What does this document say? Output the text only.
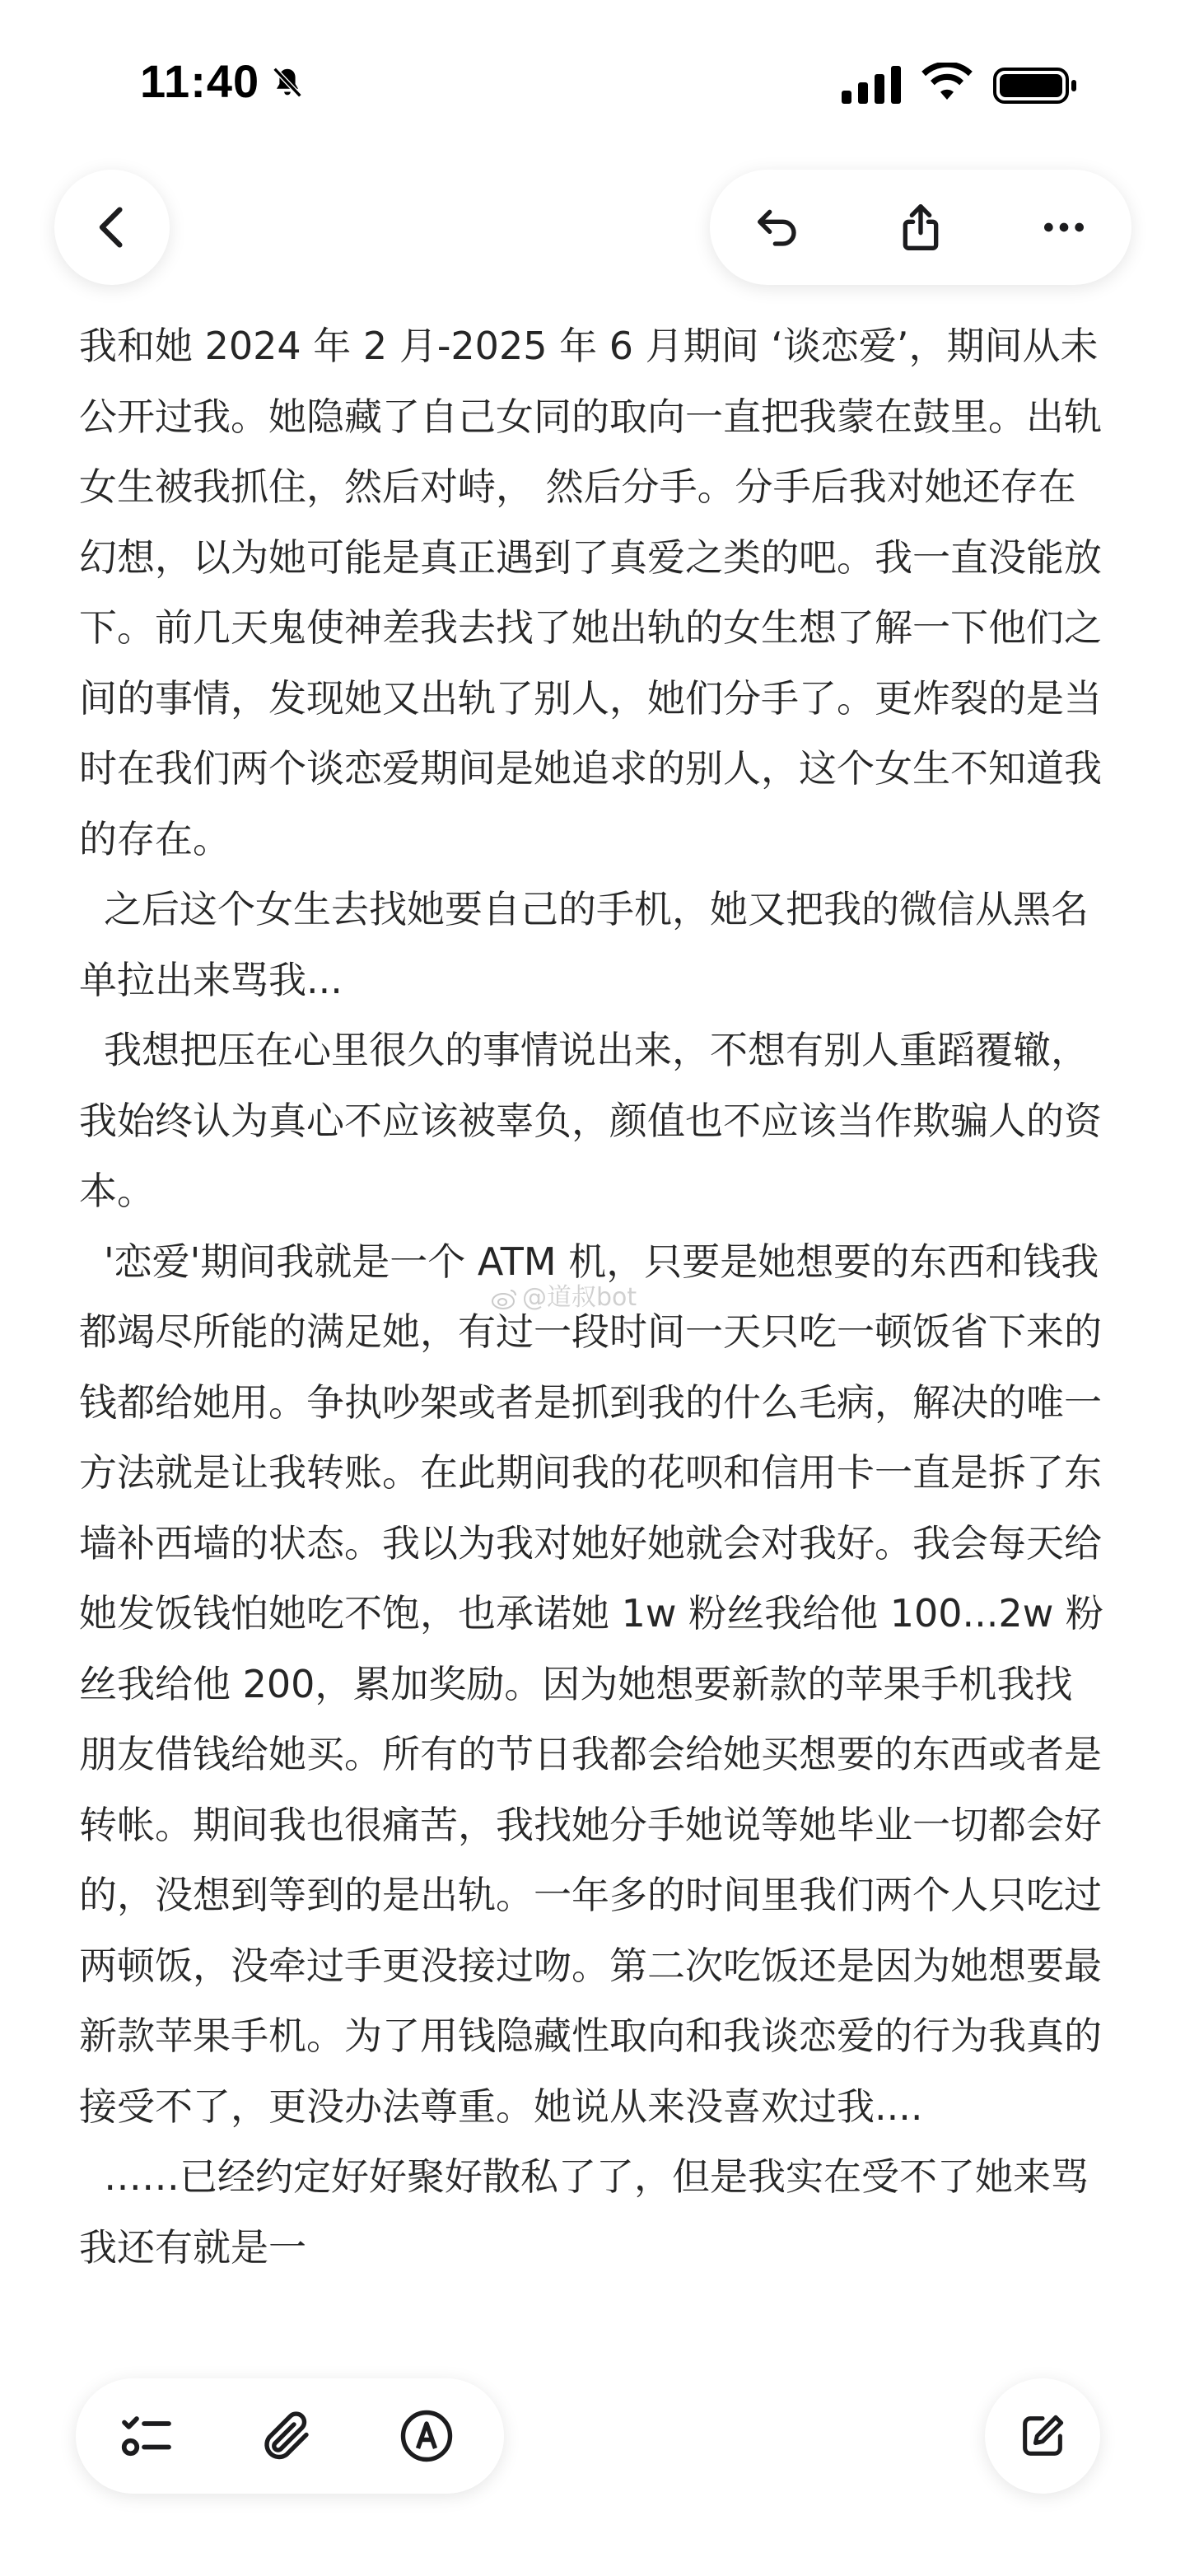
11:40

我和她 2024 年 2 月-2025 年 6 月期间 ‘谈恋爱’，期间从未公开过我。她隐藏了自己女同的取向一直把我蒙在鼓里。出轨女生被我抓住，然后对峙， 然后分手。分手后我对她还存在幻想，以为她可能是真正遇到了真爱之类的吧。我一直没能放下。前几天鬼使神差我去找了她出轨的女生想了解一下他们之间的事情，发现她又出轨了别人，她们分手了。更炸裂的是当时在我们两个谈恋爱期间是她追求的别人，这个女生不知道我的存在。

之后这个女生去找她要自己的手机，她又把我的微信从黑名单拉出来骂我...

我想把压在心里很久的事情说出来，不想有别人重蹈覆辙，我始终认为真心不应该被辜负，颜值也不应该当作欺骗人的资本。

'恋爱'期间我就是一个 ATM 机，只要是她想要的东西和钱我都竭尽所能的满足她，有过一段时间一天只吃一顿饭省下来的钱都给她用。争执吵架或者是抓到我的什么毛病，解决的唯一方法就是让我转账。在此期间我的花呗和信用卡一直是拆了东墙补西墙的状态。我以为我对她好她就会对我好。我会每天给她发饭钱怕她吃不饱，也承诺她 1w 粉丝我给他 100...2w 粉丝我给他 200，累加奖励。因为她想要新款的苹果手机我找朋友借钱给她买。所有的节日我都会给她买想要的东西或者是转帐。期间我也很痛苦，我找她分手她说等她毕业一切都会好的，没想到等到的是出轨。一年多的时间里我们两个人只吃过两顿饭，没牵过手更没接过吻。第二次吃饭还是因为她想要最新款苹果手机。为了用钱隐藏性取向和我谈恋爱的行为我真的接受不了，更没办法尊重。她说从来没喜欢过我....

……已经约定好好聚好散私了了，但是我实在受不了她来骂我还有就是一

@道叔bot
